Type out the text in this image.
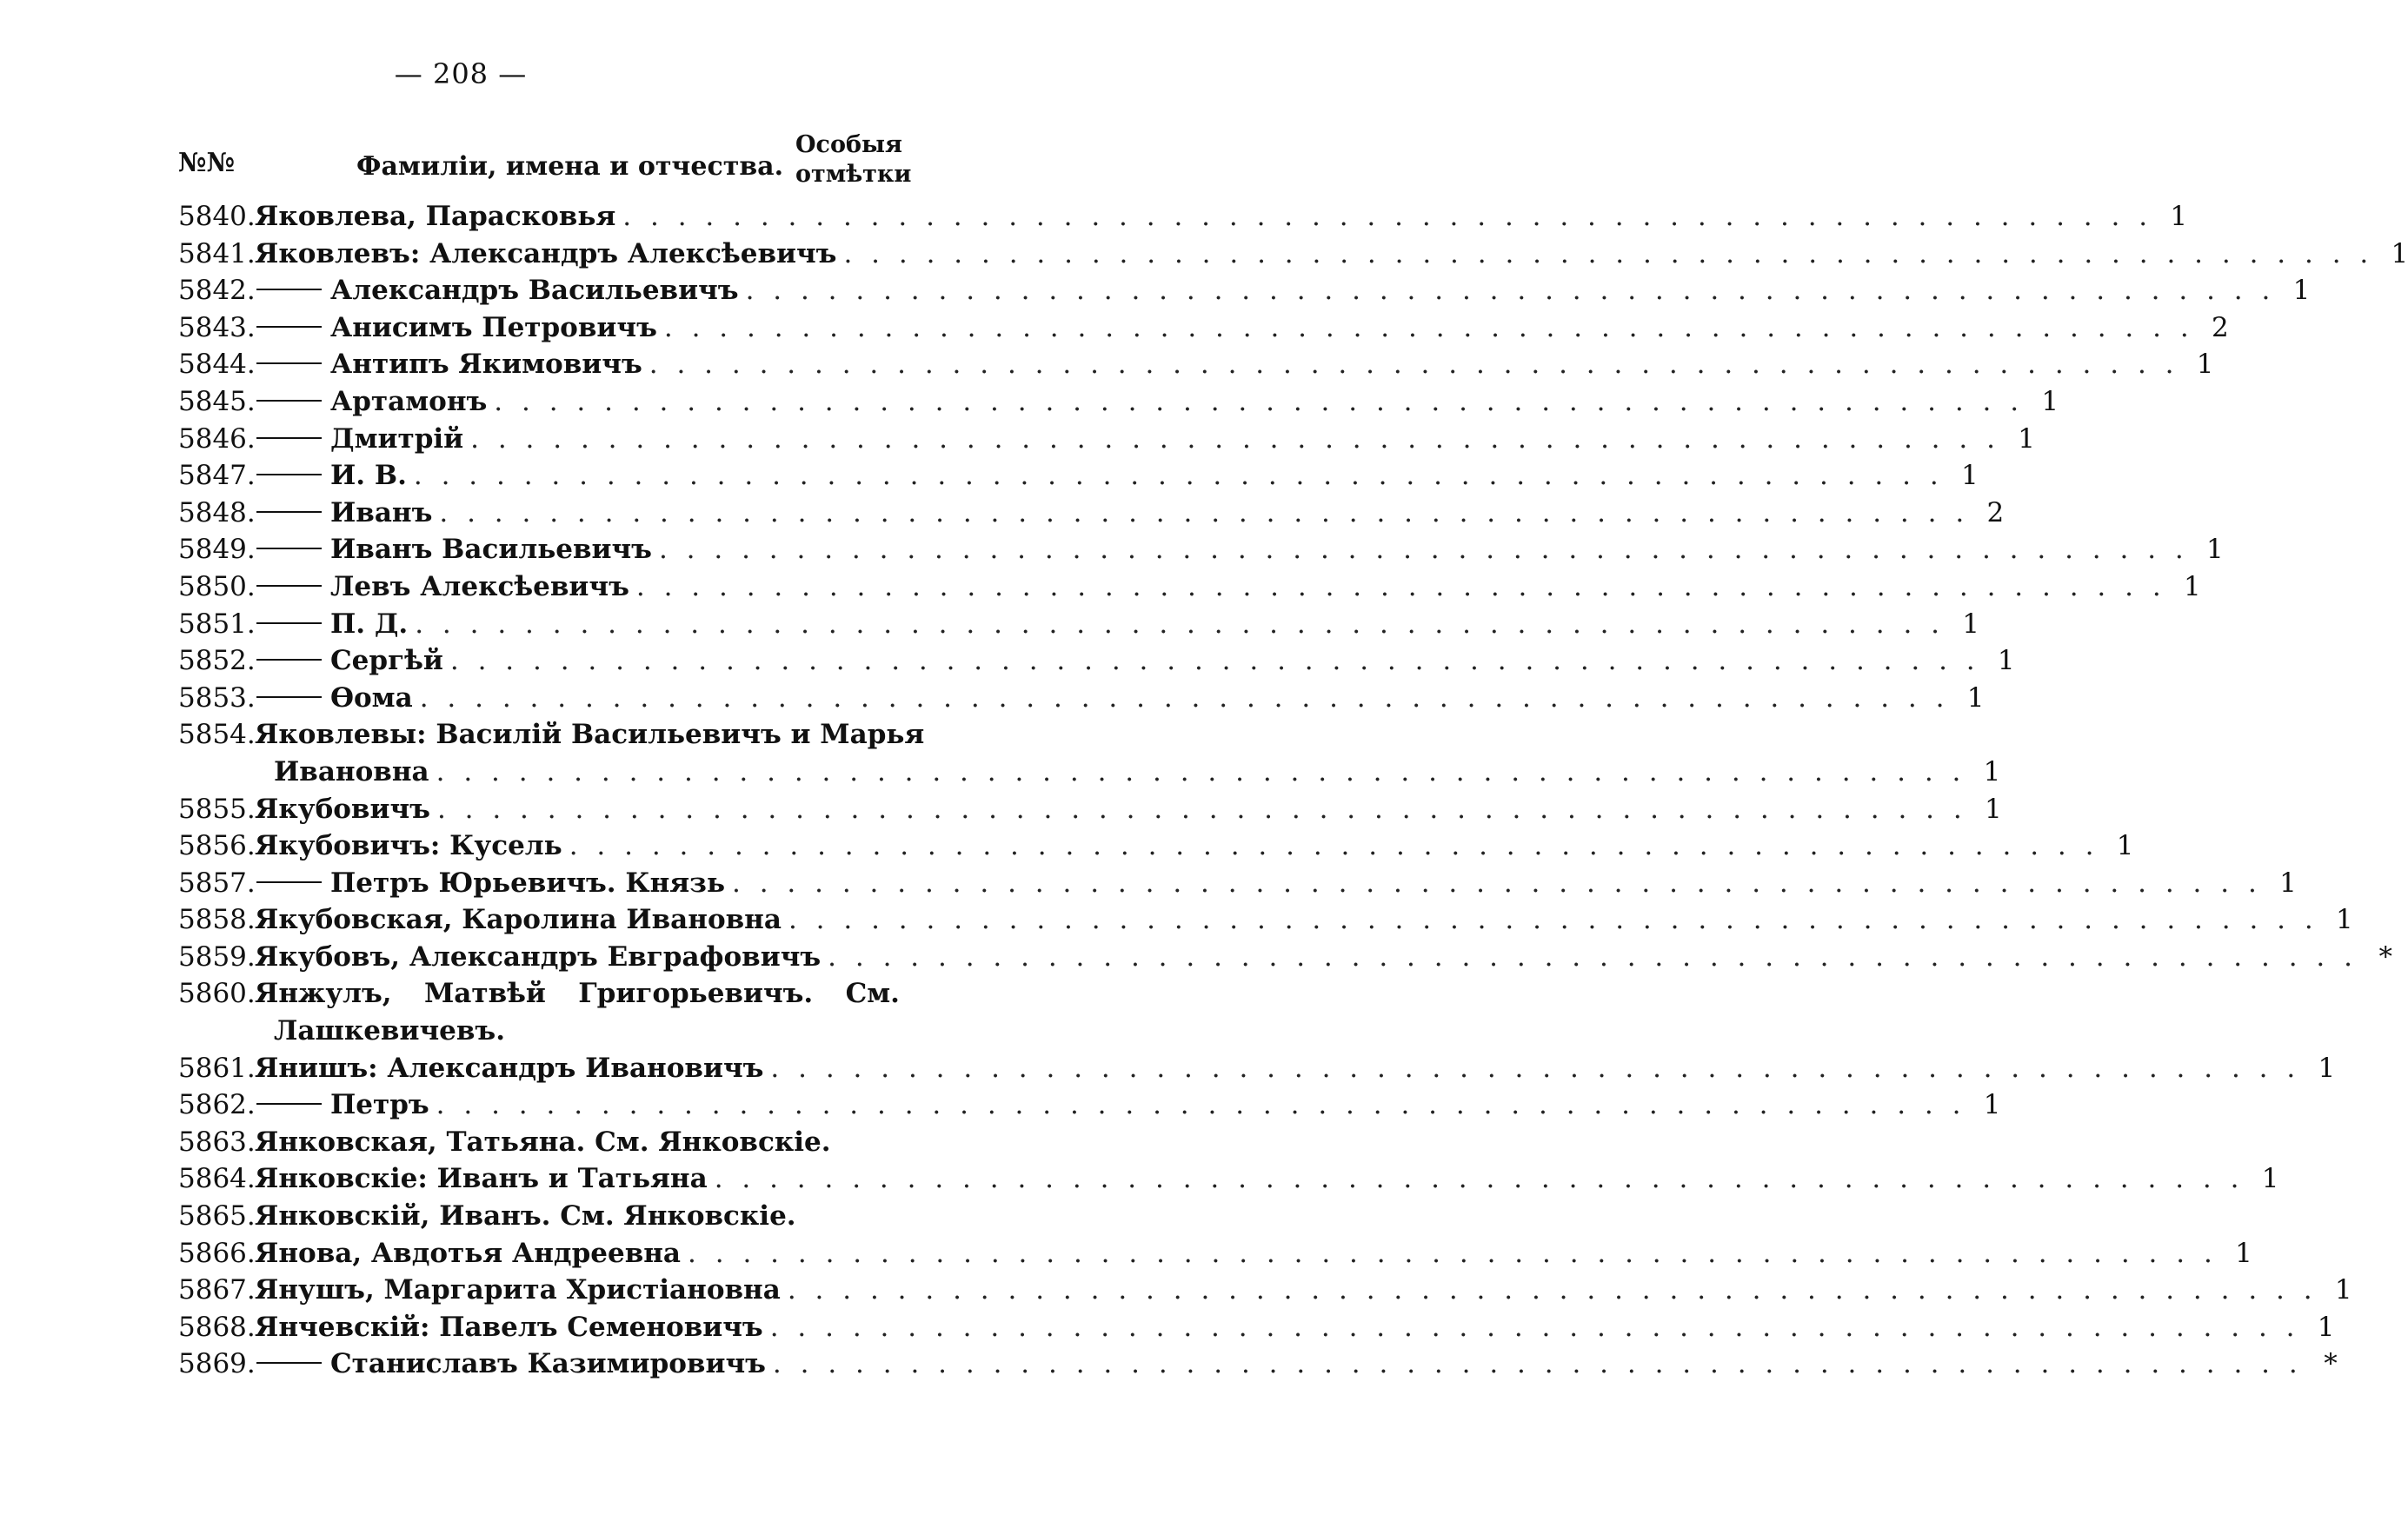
— 208 —
№№	Фамиліи, имена и отчества.
Особыя
отмѣтки
5840. Яковлева, Парасковья . . .	1
5841. Яковлевъ: Александръ Алексѣевичъ . . .	1
5842.	Александръ Васильевичъ . . .	1
5843.	Анисимъ Петровичъ . . .	2
5844.	Антипъ Якимовичъ . . .	1
5845.	Артамонъ . . .	1
5846.	Дмитрій . . .	1
5847.	И. В. . . .	1
5848.	Иванъ . . .	2
5849.	Иванъ Васильевичъ . . .	1
5850.	Левъ Алексѣевичъ . . .	1
5851.	П. Д. . . .	1
5852.	Сергѣй . . .	1
5853.	Ѳома . . .	1
5854. Яковлевы: Василій Васильевичъ и Марья
Ивановна . . .	1
5855. Якубовичъ . . .	1
5856. Якубовичъ: Кусель . . .	1
5857.	Петръ Юрьевичъ. Князь . . .	1
5858. Якубовская, Каролина Ивановна . . .	1
5859. Якубовъ, Александръ Евграфовичъ . . .	*
5860. Янжулъ, Матвѣй Григорьевичъ. См.
Лашкевичевъ.
5861. Янишъ: Александръ Ивановичъ . . .	1
5862.	Петръ . . .	1
5863. Янковская, Татьяна. См. Янковскіе.
5864. Янковскіе: Иванъ и Татьяна . . .	1
5865. Янковскій, Иванъ. См. Янковскіе.
5866. Янова, Авдотья Андреевна . . .	1
5867. Янушъ, Маргарита Христіановна . . .	1
5868. Янчевскій: Павелъ Семеновичъ . . .	1
5869.	Станиславъ Казимировичъ . . .	*
